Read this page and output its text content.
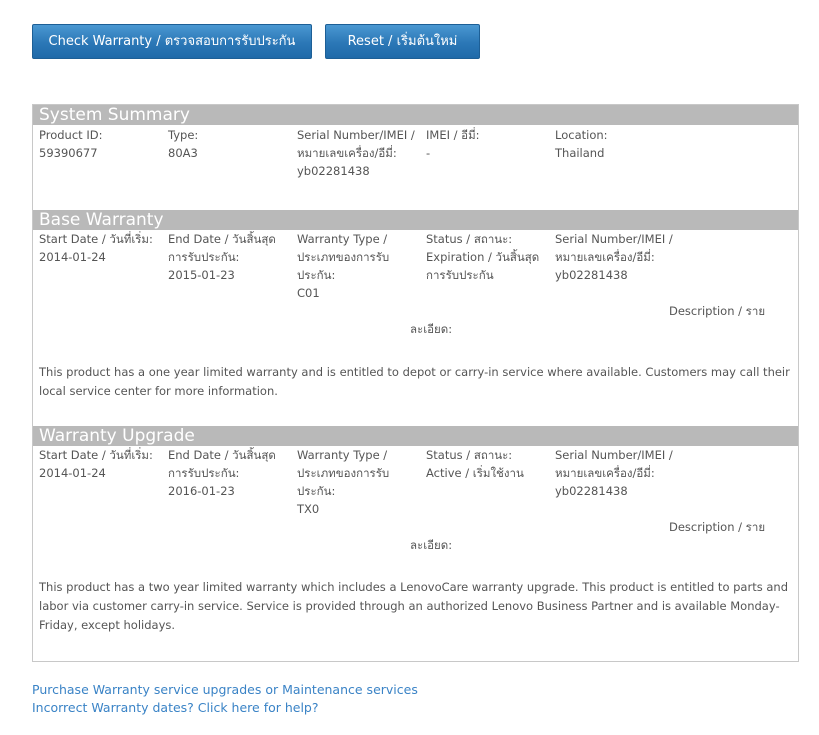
Check Warranty / ตรวจสอบการรับประกัน	Reset / เริ่มต้นใหม่
System Summary
Product ID:
59390677
Type:
80A3
Serial Number/IMEI / หมายเลขเครื่อง/อีมี่:
yb02281438
IMEI / อีมี่:
-
Location:
Thailand
Base Warranty
Start Date / วันที่เริ่ม:
2014-01-24
End Date / วันสิ้นสุดการรับประกัน:
2015-01-23
Warranty Type / ประเภทของการรับประกัน:
C01
Status / สถานะ:
Expiration / วันสิ้นสุดการรับประกัน
Serial Number/IMEI / หมายเลขเครื่อง/อีมี่:
yb02281438
Description / ราย
ละเอียด:
This product has a one year limited warranty and is entitled to depot or carry-in service where available. Customers may call their local service center for more information.
Warranty Upgrade
Start Date / วันที่เริ่ม:
2014-01-24
End Date / วันสิ้นสุดการรับประกัน:
2016-01-23
Warranty Type / ประเภทของการรับประกัน:
TX0
Status / สถานะ:
Active / เริ่มใช้งาน
Serial Number/IMEI / หมายเลขเครื่อง/อีมี่:
yb02281438
Description / ราย
ละเอียด:
This product has a two year limited warranty which includes a LenovoCare warranty upgrade. This product is entitled to parts and labor via customer carry-in service. Service is provided through an authorized Lenovo Business Partner and is available Monday-Friday, except holidays.
Purchase Warranty service upgrades or Maintenance services
Incorrect Warranty dates? Click here for help?
